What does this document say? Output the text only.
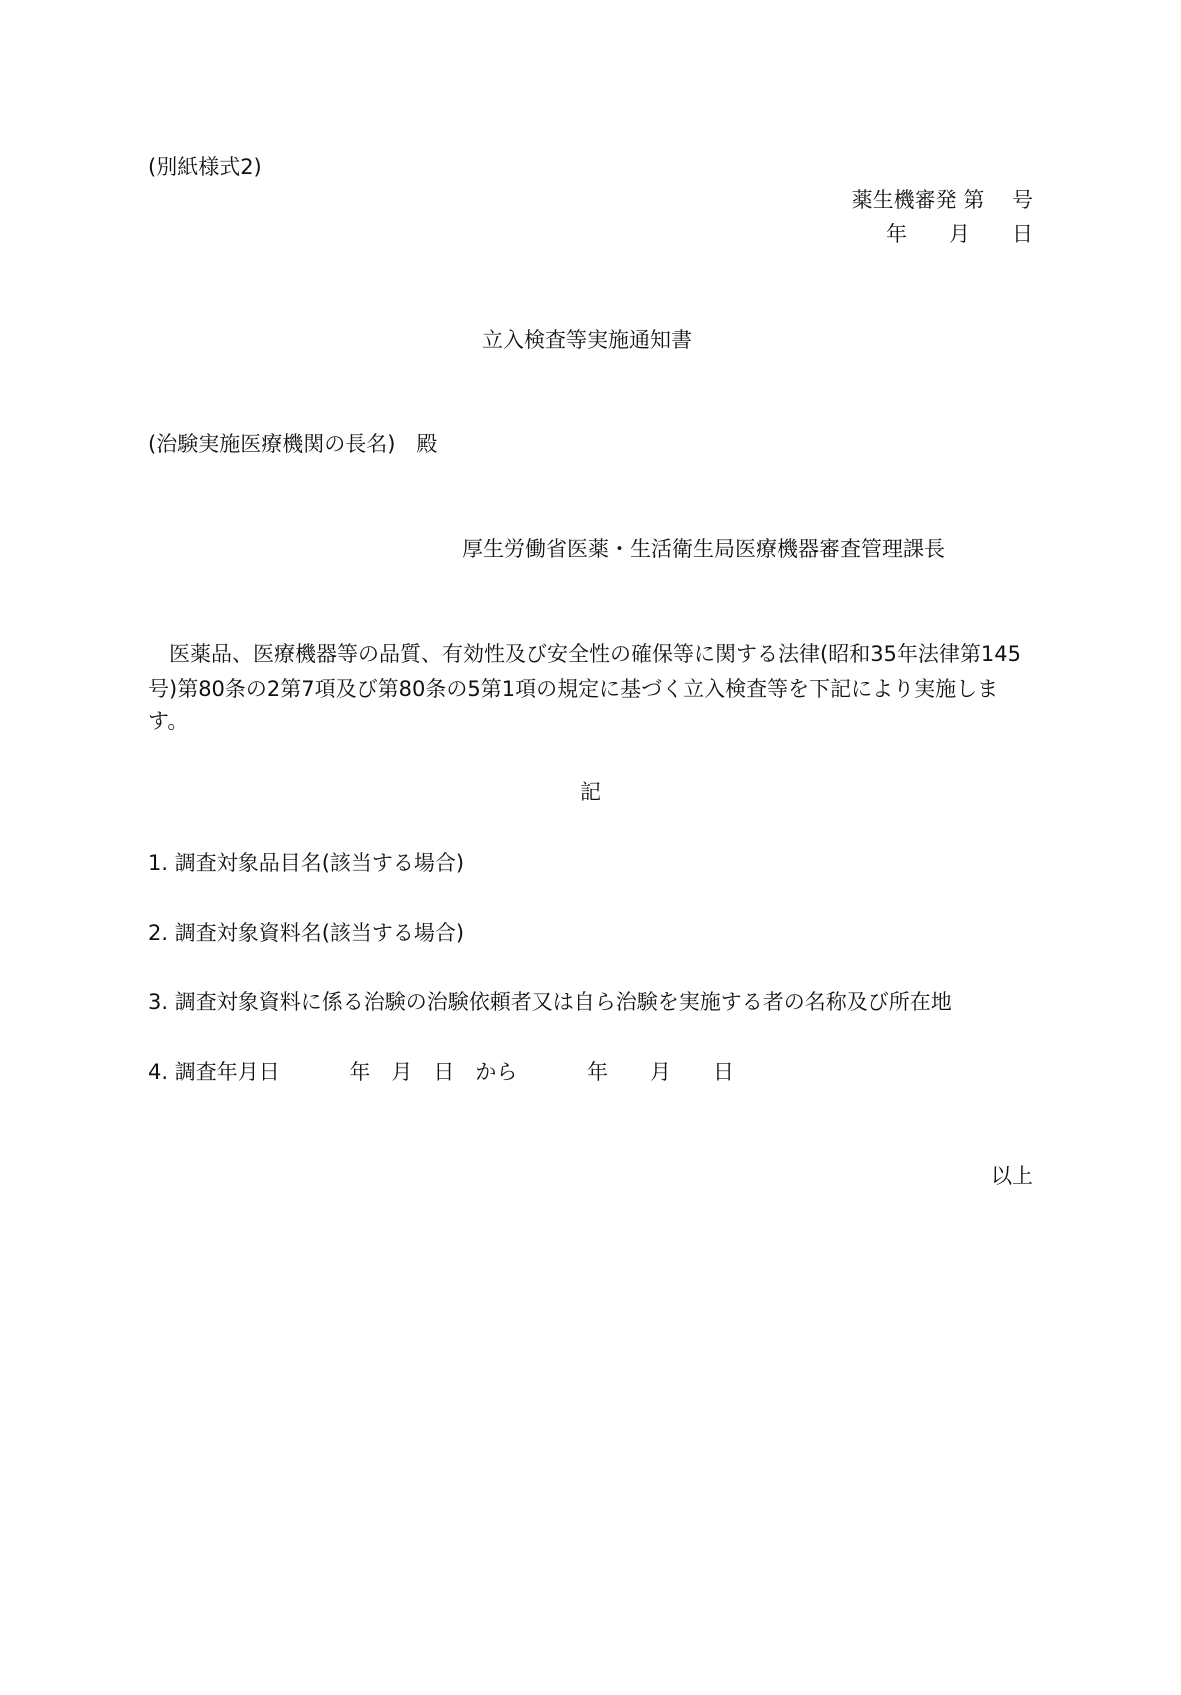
(別紙様式2)
薬生機審発 第　 号
年　　月　　日
立入検査等実施通知書
(治験実施医療機関の長名)　殿
厚生労働省医薬・生活衛生局医療機器審査管理課長
　医薬品、医療機器等の品質、有効性及び安全性の確保等に関する法律(昭和35年法律第145
号)第80条の2第7項及び第80条の5第1項の規定に基づく立入検査等を下記により実施しま
す。
記
1. 調査対象品目名(該当する場合)
2. 調査対象資料名(該当する場合)
3. 調査対象資料に係る治験の治験依頼者又は自ら治験を実施する者の名称及び所在地
4. 調査年月日　　　 年　月　日　から　　　 年　　月　　日
以上
